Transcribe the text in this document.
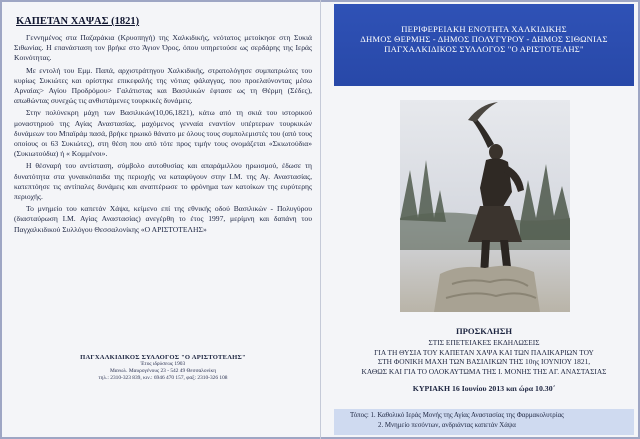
ΚΑΠΕΤΑΝ ΧΑΨΑΣ (1821)

Γεννημένος στα Παζαράκια (Κρυοπηγή) της Χαλκιδικής, νεότατος μετοίκησε στη Συκιά Σιθωνίας. Η επανάσταση τον βρήκε στο Άγιον Όρος, όπου υπηρετούσε ως σερδάρης της Ιεράς Κοινότητας.

Με εντολή του Εμμ. Παπά, αρχιστράτηγου Χαλκιδικής, στρατολόγησε συμπατριώτες του κυρίως Συκιώτες και ορίστηκε επικεφαλής της νότιας φάλαγγας, που προελαύνοντας μέσω Αρναίας> Αγίου Προδρόμου> Γαλάτιστας και Βασιλικών έφτασε ως τη Θέρμη (Σέδες), απωθώντας συνεχώς τις ανθιστάμενες τουρκικές δυνάμεις.

Στην πολύνεκρη μάχη των Βασιλικών(10,06,1821), κάτω από τη σκιά του ιστορικού μοναστηριού της Αγίας Αναστασίας, μαχόμενος γενναία εναντίον υπέρτερων τουρκικών δυνάμεων του Μπαϊράμ πασά, βρήκε ηρωικό θάνατο με όλους τους συμπολεμιστές του (από τους οποίους οι 63 Συκιώτες), στη θέση που από τότε προς τιμήν τους ονομάζεται «Σκιωτούδια» (Συκιωτούδια) ή « Κομμένοι».

Η θέσναρή του αντίσταση, σύμβολο αυτοθυσίας και απαράμιλλου ηρωισμού, έδωσε τη δυνατότητα στα γυναικόπαιδα της περιοχής να καταφύγουν στην Ι.Μ. της Αγ. Αναστασίας, κατεπτόησε τις αντίπαλες δυνάμεις και αναπτέρωσε το φρόνημα των κατοίκων της ευρύτερης περιοχής.

Το μνημείο του καπετάν Χάψα, κείμενο επί της εθνικής οδού Βασιλικών - Πολυγύρου (διασταύρωση Ι.Μ. Αγίας Αναστασίας) ανεγέρθη το έτος 1997, μερίμνη και δαπάνη του Παγχαλκιδικού Συλλόγου Θεσσαλονίκης «Ο ΑΡΙΣΤΟΤΕΛΗΣ»

ΠΑΓΧΑΛΚΙΔΙΚΟΣ ΣΥΛΛΟΓΟΣ "Ο ΑΡΙΣΤΟΤΕΛΗΣ"
Έτος ιδρύσεως 1903
Μανωλ. Μαυρογένους 23 - 542 49 Θεσσαλονίκη
τηλ.: 2310-323 839, κιν.: 6946 470 157, φαξ: 2310-326 108
ΠΕΡΙΦΕΡΕΙΑΚΗ ΕΝΟΤΗΤΑ ΧΑΛΚΙΔΙΚΗΣ
ΔΗΜΟΣ ΘΕΡΜΗΣ - ΔΗΜΟΣ ΠΟΛΥΓΥΡΟΥ - ΔΗΜΟΣ ΣΙΘΩΝΙΑΣ
ΠΑΓΧΑΛΚΙΔΙΚΟΣ ΣΥΛΛΟΓΟΣ "Ο ΑΡΙΣΤΟΤΕΛΗΣ"
ΠΡΟΣΚΛΗΣΗ
ΣΤΙΣ ΕΠΕΤΕΙΑΚΕΣ ΕΚΔΗΛΩΣΕΙΣ
ΓΙΑ ΤΗ ΘΥΣΙΑ ΤΟΥ ΚΑΠΕΤΑΝ ΧΑΨΑ ΚΑΙ ΤΩΝ ΠΑΛΙΚΑΡΙΩΝ ΤΟΥ
ΣΤΗ ΦΟΝΙΚΗ ΜΑΧΗ ΤΩΝ ΒΑΣΙΛΙΚΩΝ ΤΗΣ 10ης ΙΟΥΝΙΟΥ 1821,
ΚΑΘΩΣ ΚΑΙ ΓΙΑ ΤΟ ΟΛΟΚΑΥΤΩΜΑ ΤΗΣ Ι. ΜΟΝΗΣ ΤΗΣ ΑΓ. ΑΝΑΣΤΑΣΙΑΣ
ΚΥΡΙΑΚΗ 16 Ιουνίου 2013 και ώρα 10.30΄
Τόπος: 1. Καθολικό Ιεράς Μονής της Αγίας Αναστασίας της Φαρμακολυτρίας
2. Μνημείο πεσόντων, ανδριάντας καπετάν Χάψα
